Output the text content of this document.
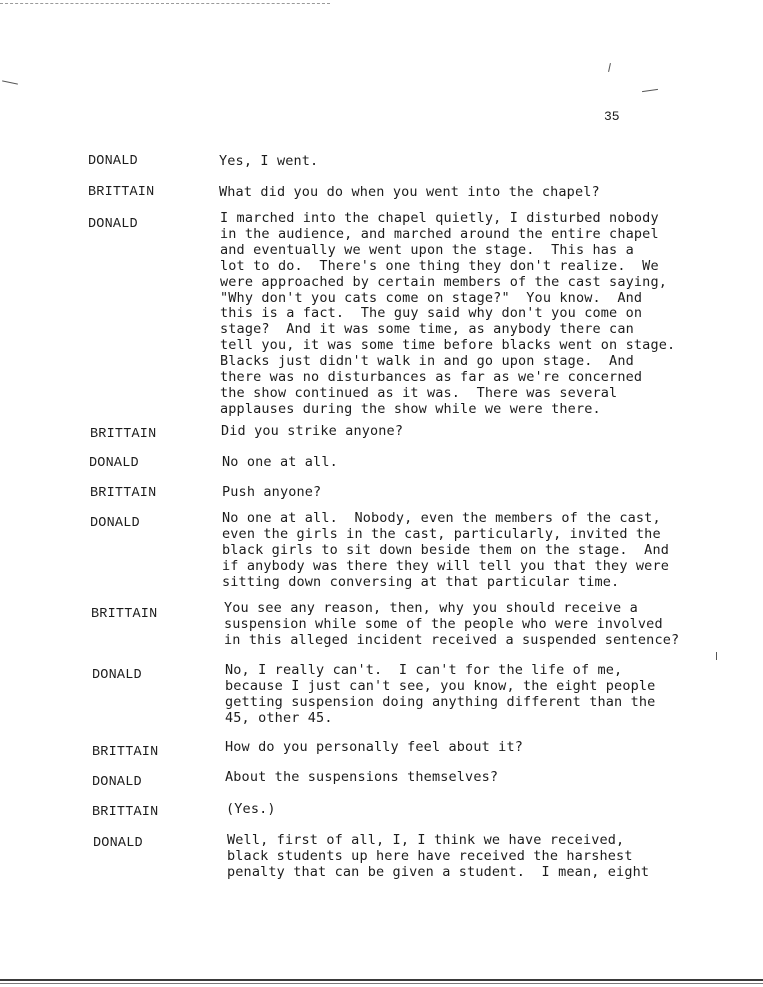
35
DONALD	Yes, I went.
BRITTAIN	What did you do when you went into the chapel?
DONALD	I marched into the chapel quietly, I disturbed nobody
in the audience, and marched around the entire chapel
and eventually we went upon the stage.  This has a
lot to do.  There's one thing they don't realize.  We
were approached by certain members of the cast saying,
"Why don't you cats come on stage?"  You know.  And
this is a fact.  The guy said why don't you come on
stage?  And it was some time, as anybody there can
tell you, it was some time before blacks went on stage.
Blacks just didn't walk in and go upon stage.  And
there was no disturbances as far as we're concerned
the show continued as it was.  There was several
applauses during the show while we were there.
BRITTAIN	Did you strike anyone?
DONALD	No one at all.
BRITTAIN	Push anyone?
DONALD	No one at all.  Nobody, even the members of the cast,
even the girls in the cast, particularly, invited the
black girls to sit down beside them on the stage.  And
if anybody was there they will tell you that they were
sitting down conversing at that particular time.
BRITTAIN	You see any reason, then, why you should receive a
suspension while some of the people who were involved
in this alleged incident received a suspended sentence?
DONALD	No, I really can't.  I can't for the life of me,
because I just can't see, you know, the eight people
getting suspension doing anything different than the
45, other 45.
BRITTAIN	How do you personally feel about it?
DONALD	About the suspensions themselves?
BRITTAIN	(Yes.)
DONALD	Well, first of all, I, I think we have received,
black students up here have received the harshest
penalty that can be given a student.  I mean, eight
